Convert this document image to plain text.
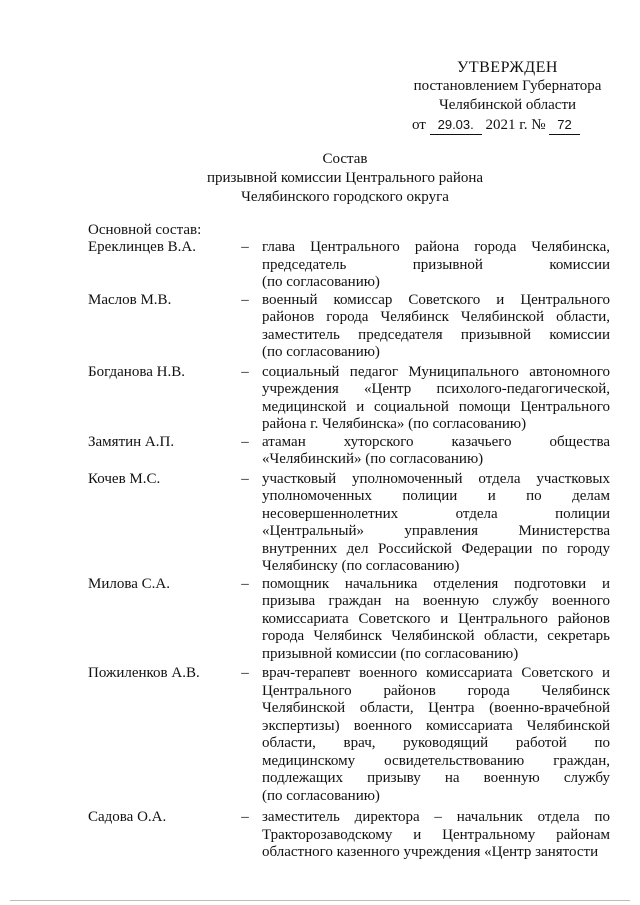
УТВЕРЖДЕН
постановлением Губернатора
Челябинской области
от 29.03. 2021 г. № 72
Состав
призывной комиссии Центрального района
Челябинского городского округа
Основной состав:
Ереклинцев В.А.	– глава Центрального района города Челябинска,
председатель призывной комиссии
(по согласованию)
Маслов М.В.	– военный комиссар Советского и Центрального
районов города Челябинск Челябинской области,
заместитель председателя призывной комиссии
(по согласованию)
Богданова Н.В.	– социальный педагог Муниципального автономного
учреждения «Центр психолого-педагогической,
медицинской и социальной помощи Центрального
района г. Челябинска» (по согласованию)
Замятин А.П.	– атаман хуторского казачьего общества
«Челябинский» (по согласованию)
Кочев М.С.	– участковый уполномоченный отдела участковых
уполномоченных полиции и по делам
несовершеннолетних отдела полиции
«Центральный» управления Министерства
внутренних дел Российской Федерации по городу
Челябинску (по согласованию)
Милова С.А.	– помощник начальника отделения подготовки и
призыва граждан на военную службу военного
комиссариата Советского и Центрального районов
города Челябинск Челябинской области, секретарь
призывной комиссии (по согласованию)
Пожиленков А.В.	– врач-терапевт военного комиссариата Советского и
Центрального районов города Челябинск
Челябинской области, Центра (военно-врачебной
экспертизы) военного комиссариата Челябинской
области, врач, руководящий работой по
медицинскому освидетельствованию граждан,
подлежащих призыву на военную службу
(по согласованию)
Садова О.А.	– заместитель директора – начальник отдела по
Тракторозаводскому и Центральному районам
областного казенного учреждения «Центр занятости
